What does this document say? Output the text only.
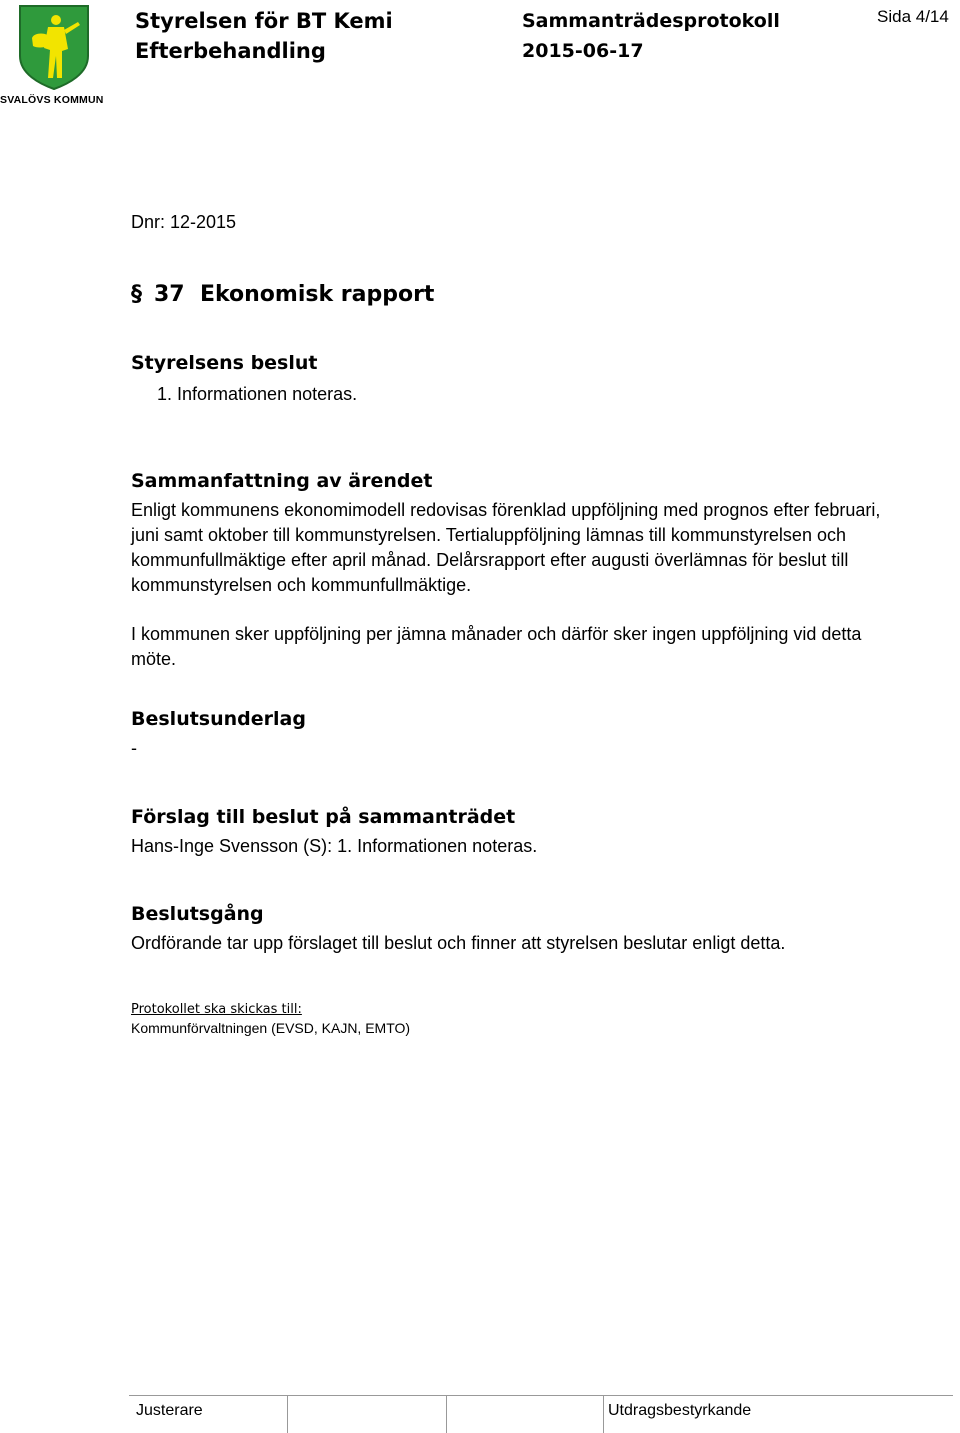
SVALÖVS KOMMUN
Styrelsen för BT Kemi
Efterbehandling
Sammanträdesprotokoll
2015-06-17
Sida 4/14
Dnr: 12-2015
§ 37 Ekonomisk rapport
Styrelsens beslut
1. Informationen noteras.
Sammanfattning av ärendet
Enligt kommunens ekonomimodell redovisas förenklad uppföljning med prognos efter februari,
juni samt oktober till kommunstyrelsen. Tertialuppföljning lämnas till kommunstyrelsen och
kommunfullmäktige efter april månad. Delårsrapport efter augusti överlämnas för beslut till
kommunstyrelsen och kommunfullmäktige.
I kommunen sker uppföljning per jämna månader och därför sker ingen uppföljning vid detta
möte.
Beslutsunderlag
-
Förslag till beslut på sammanträdet
Hans-Inge Svensson (S): 1. Informationen noteras.
Beslutsgång
Ordförande tar upp förslaget till beslut och finner att styrelsen beslutar enligt detta.
Protokollet ska skickas till:
Kommunförvaltningen (EVSD, KAJN, EMTO)
Justerare	Utdragsbestyrkande
